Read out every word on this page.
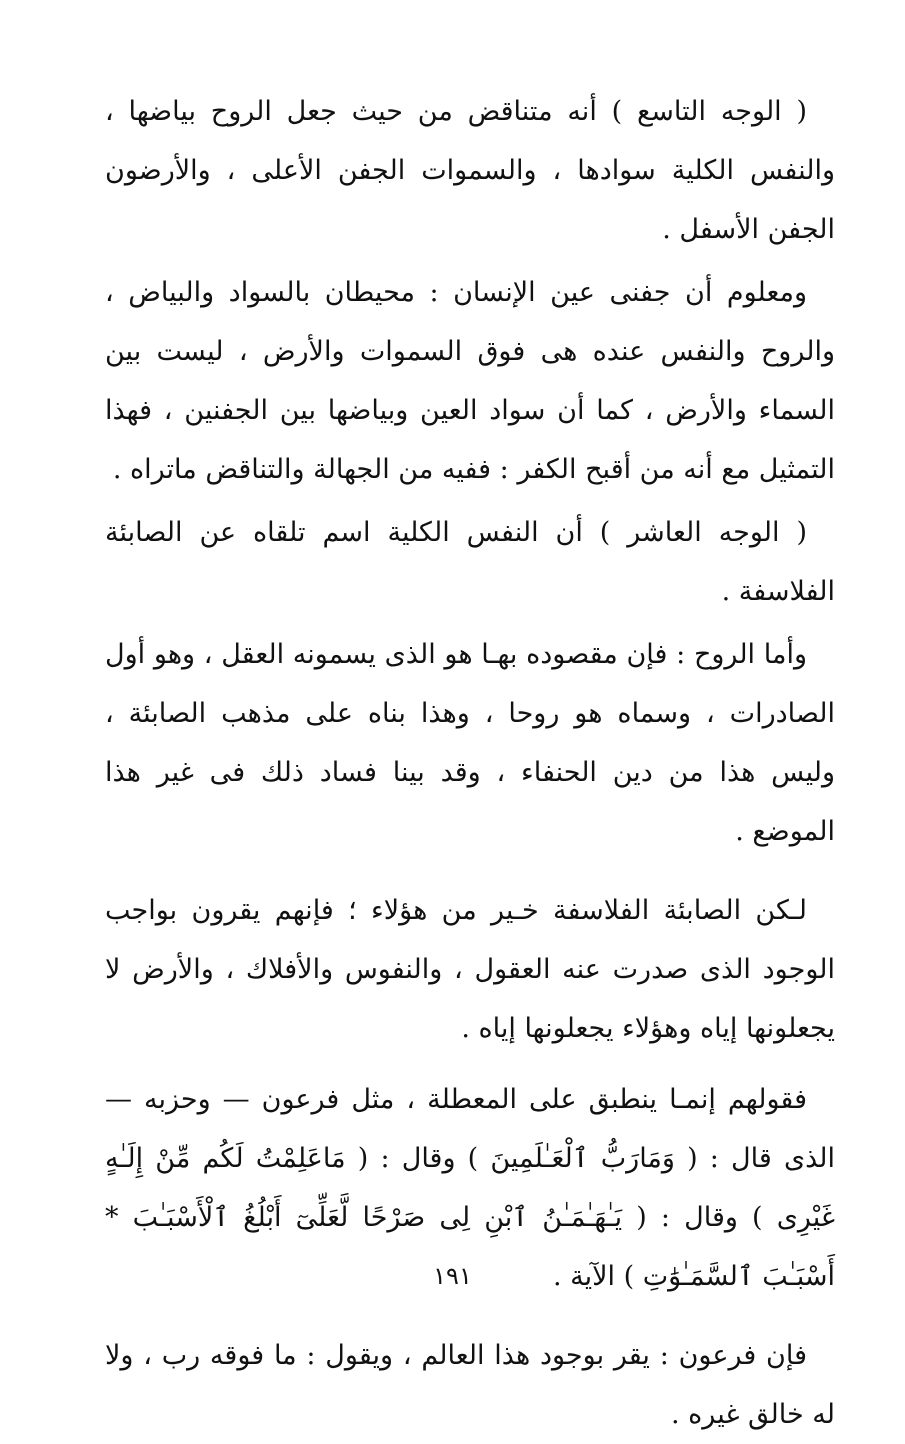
( الوجه التاسع ) أنه متناقض من حيث جعل الروح بياضها ، والنفس الكلية سوادها ، والسموات الجفن الأعلى ، والأرضون الجفن الأسفل .

ومعلوم أن جفنى عين الإنسان : محيطان بالسواد والبياض ، والروح والنفس عنده هى فوق السموات والأرض ، ليست بين السماء والأرض ، كما أن سواد العين وبياضها بين الجفنين ، فهذا التمثيل مع أنه من أقبح الكفر : ففيه من الجهالة والتناقض ماتراه .

( الوجه العاشر ) أن النفس الكلية اسم تلقاه عن الصابئة الفلاسفة .

وأما الروح : فإن مقصوده بهـا هو الذى يسمونه العقل ، وهو أول الصادرات ، وسماه هو روحا ، وهذا بناه على مذهب الصابئة ، وليس هذا من دين الحنفاء ، وقد بينا فساد ذلك فى غير هذا الموضع .

لـكن الصابئة الفلاسفة خـير من هؤلاء ؛ فإنهم يقرون بواجب الوجود الذى صدرت عنه العقول ، والنفوس والأفلاك ، والأرض لا يجعلونها إياه وهؤلاء يجعلونها إياه .

فقولهم إنمـا ينطبق على المعطلة ، مثل فرعون — وحزبه — الذى قال : ( وَمَارَبُّ ٱلْعَـٰلَمِينَ ) وقال : ( مَاعَلِمْتُ لَكُم مِّنْ إِلَـٰهٍ غَيْرِى ) وقال : ( يَـٰهَـٰمَـٰنُ ٱبْنِ لِى صَرْحًا لَّعَلِّىٓ أَبْلُغُ ٱلْأَسْبَـٰبَ * أَسْبَـٰبَ ٱلسَّمَـٰوَٰتِ ) الآية .

فإن فرعون : يقر بوجود هذا العالم ، ويقول : ما فوقه رب ، ولا له خالق غيره .

١٩١
